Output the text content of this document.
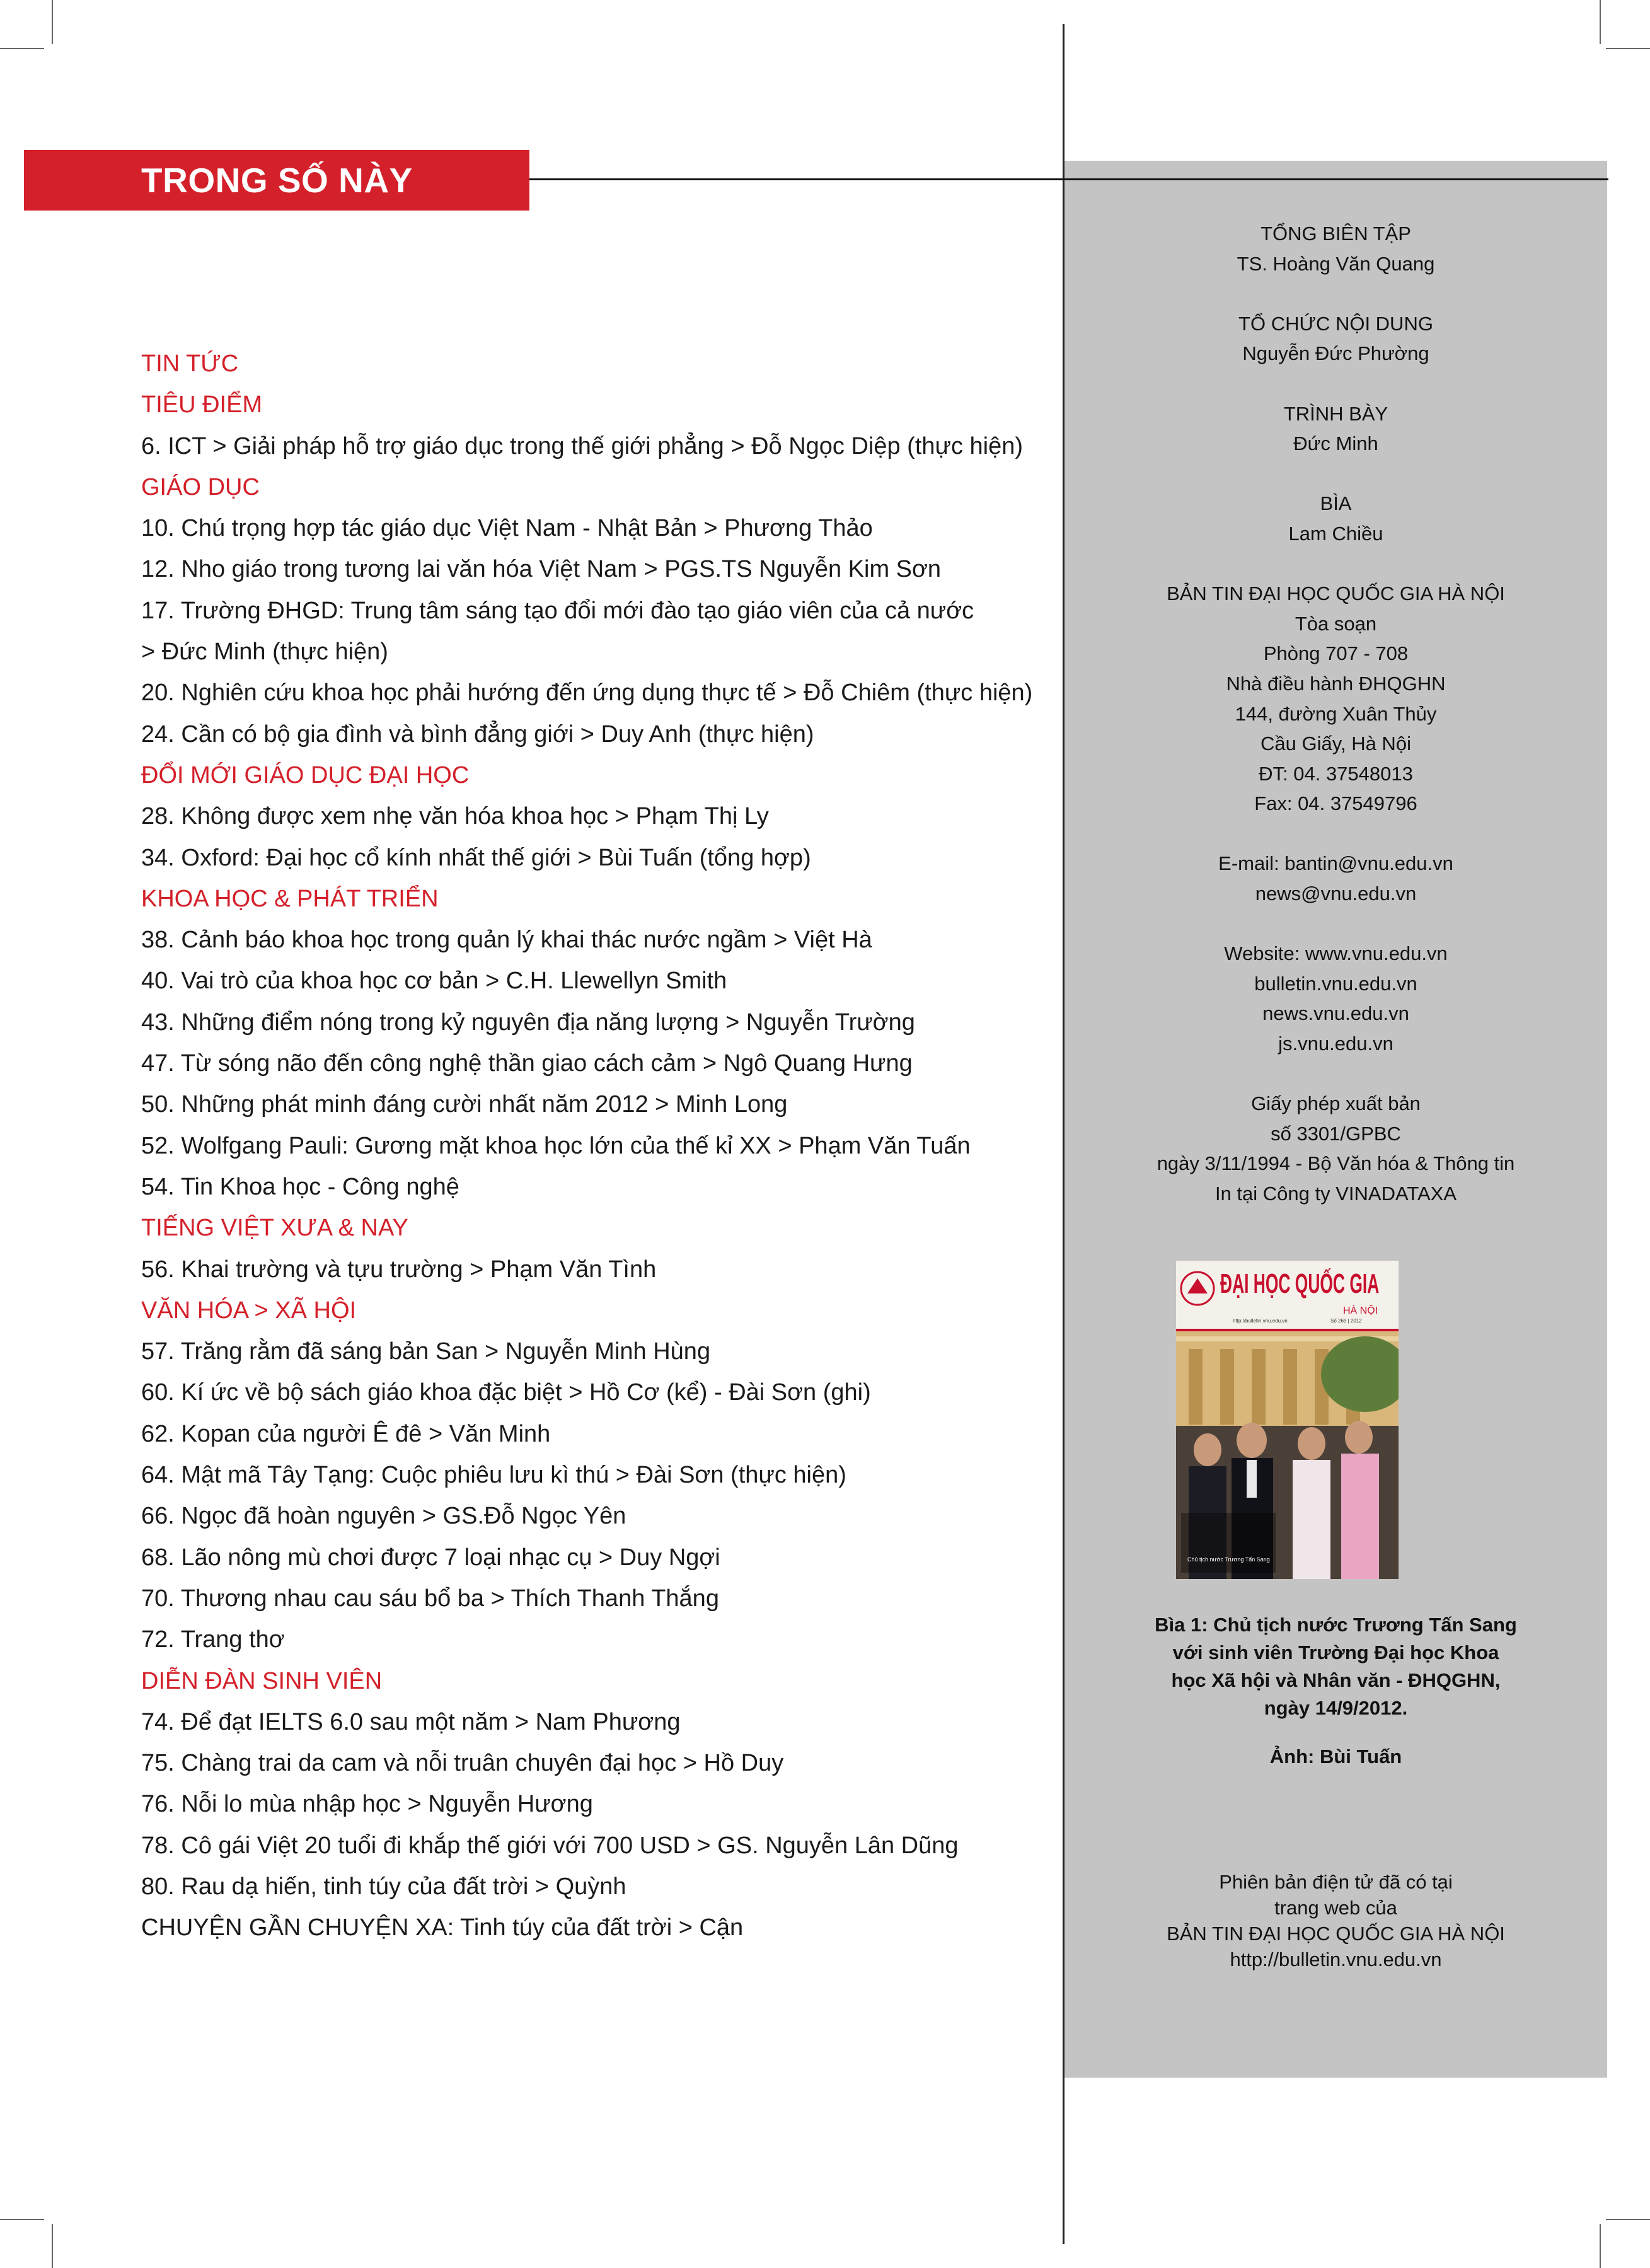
TRONG SỐ NÀY
TIN TỨC
TIÊU ĐIỂM
6. ICT > Giải pháp hỗ trợ giáo dục trong thế giới phẳng > Đỗ Ngọc Diệp (thực hiện)
GIÁO DỤC
10. Chú trọng hợp tác giáo dục Việt Nam - Nhật Bản > Phương Thảo
12. Nho giáo trong tương lai văn hóa Việt Nam > PGS.TS Nguyễn Kim Sơn
17. Trường ĐHGD: Trung tâm sáng tạo đổi mới đào tạo giáo viên của cả nước
> Đức Minh (thực hiện)
20. Nghiên cứu khoa học phải hướng đến ứng dụng thực tế > Đỗ Chiêm (thực hiện)
24. Cần có bộ gia đình và bình đẳng giới > Duy Anh (thực hiện)
ĐỔI MỚI GIÁO DỤC ĐẠI HỌC
28. Không được xem nhẹ văn hóa khoa học > Phạm Thị Ly
34. Oxford: Đại học cổ kính nhất thế giới > Bùi Tuấn (tổng hợp)
KHOA HỌC & PHÁT TRIỂN
38. Cảnh báo khoa học trong quản lý khai thác nước ngầm > Việt Hà
40. Vai trò của khoa học cơ bản > C.H. Llewellyn Smith
43. Những điểm nóng trong kỷ nguyên địa năng lượng > Nguyễn Trường
47. Từ sóng não đến công nghệ thần giao cách cảm > Ngô Quang Hưng
50. Những phát minh đáng cười nhất năm 2012 > Minh Long
52. Wolfgang Pauli: Gương mặt khoa học lớn của thế kỉ XX > Phạm Văn Tuấn
54. Tin Khoa học - Công nghệ
TIẾNG VIỆT XƯA & NAY
56. Khai trường và tựu trường > Phạm Văn Tình
VĂN HÓA > XÃ HỘI
57. Trăng rằm đã sáng bản San > Nguyễn Minh Hùng
60. Kí ức về bộ sách giáo khoa đặc biệt > Hồ Cơ (kể) - Đài Sơn (ghi)
62. Kopan của người Ê đê > Văn Minh
64. Mật mã Tây Tạng: Cuộc phiêu lưu kì thú > Đài Sơn (thực hiện)
66. Ngọc đã hoàn nguyên > GS.Đỗ Ngọc Yên
68. Lão nông mù chơi được 7 loại nhạc cụ > Duy Ngợi
70. Thương nhau cau sáu bổ ba > Thích Thanh Thắng
72. Trang thơ
DIỄN ĐÀN SINH VIÊN
74. Để đạt IELTS 6.0 sau một năm > Nam Phương
75. Chàng trai da cam và nỗi truân chuyên đại học > Hồ Duy
76. Nỗi lo mùa nhập học > Nguyễn Hương
78. Cô gái Việt 20 tuổi đi khắp thế giới với 700 USD > GS. Nguyễn Lân Dũng
80. Rau dạ hiến, tinh túy của đất trời > Quỳnh
CHUYỆN GẦN CHUYỆN XA: Tinh túy của đất trời > Cận
TỔNG BIÊN TẬP
TS. Hoàng Văn Quang
TỔ CHỨC NỘI DUNG
Nguyễn Đức Phường
TRÌNH BÀY
Đức Minh
BÌA
Lam Chiều
BẢN TIN ĐẠI HỌC QUỐC GIA HÀ NỘI
Tòa soạn
Phòng 707 - 708
Nhà điều hành ĐHQGHN
144, đường Xuân Thủy
Cầu Giấy, Hà Nội
ĐT: 04. 37548013
Fax: 04. 37549796
E-mail: bantin@vnu.edu.vn
news@vnu.edu.vn
Website: www.vnu.edu.vn
bulletin.vnu.edu.vn
news.vnu.edu.vn
js.vnu.edu.vn
Giấy phép xuất bản
số 3301/GPBC
ngày 3/11/1994 - Bộ Văn hóa & Thông tin
In tại Công ty VINADATAXA
ĐẠI HỌC QUỐC GIA
HÀ NỘI
http://bulletin.vnu.edu.vn	Số 269 | 2012
Chủ tịch nước Trương Tấn Sang
Bìa 1: Chủ tịch nước Trương Tấn Sang
với sinh viên Trường Đại học Khoa
học Xã hội và Nhân văn - ĐHQGHN,
ngày 14/9/2012.
Ảnh: Bùi Tuấn
Phiên bản điện tử đã có tại
trang web của
BẢN TIN ĐẠI HỌC QUỐC GIA HÀ NỘI
http://bulletin.vnu.edu.vn
